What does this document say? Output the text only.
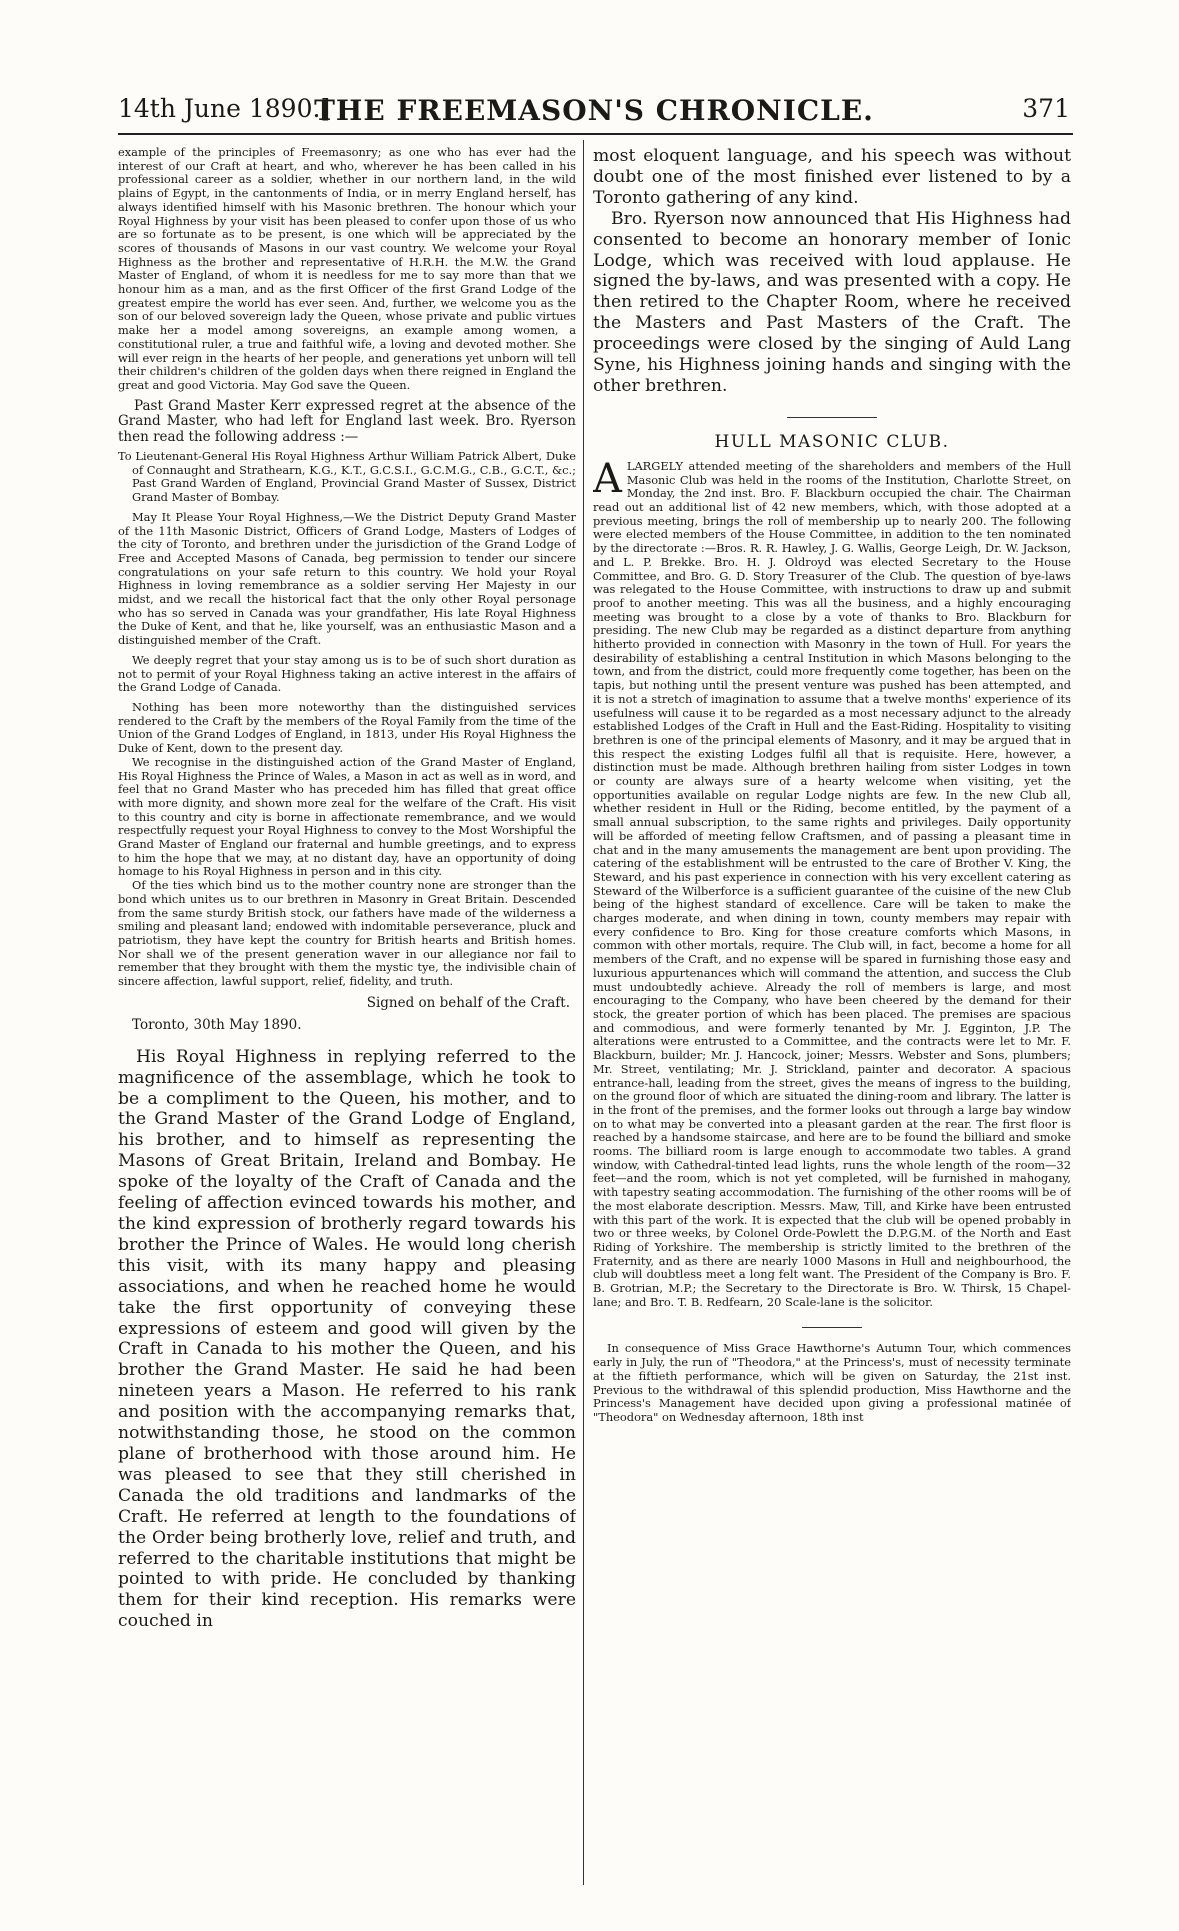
14th June 1890.]
THE FREEMASON'S CHRONICLE.	371

example of the principles of Freemasonry; as one who has ever had the interest of our Craft at heart, and who, wherever he has been called in his professional career as a soldier, whether in our northern land, in the wild plains of Egypt, in the cantonments of India, or in merry England herself, has always identified himself with his Masonic brethren. The honour which your Royal Highness by your visit has been pleased to confer upon those of us who are so fortunate as to be present, is one which will be appreciated by the scores of thousands of Masons in our vast country. We welcome your Royal Highness as the brother and representative of H.R.H. the M.W. the Grand Master of England, of whom it is needless for me to say more than that we honour him as a man, and as the first Officer of the first Grand Lodge of the greatest empire the world has ever seen. And, further, we welcome you as the son of our beloved sovereign lady the Queen, whose private and public virtues make her a model among sovereigns, an example among women, a constitutional ruler, a true and faithful wife, a loving and devoted mother. She will ever reign in the hearts of her people, and generations yet unborn will tell their children's children of the golden days when there reigned in England the great and good Victoria. May God save the Queen.

Past Grand Master Kerr expressed regret at the absence of the Grand Master, who had left for England last week. Bro. Ryerson then read the following address :—

To Lieutenant-General His Royal Highness Arthur William Patrick Albert, Duke of Connaught and Strathearn, K.G., K.T., G.C.S.I., G.C.M.G., C.B., G.C.T., &c.; Past Grand Warden of England, Provincial Grand Master of Sussex, District Grand Master of Bombay.

May It Please Your Royal Highness,—We the District Deputy Grand Master of the 11th Masonic District, Officers of Grand Lodge, Masters of Lodges of the city of Toronto, and brethren under the jurisdiction of the Grand Lodge of Free and Accepted Masons of Canada, beg permission to tender our sincere congratulations on your safe return to this country. We hold your Royal Highness in loving remembrance as a soldier serving Her Majesty in our midst, and we recall the historical fact that the only other Royal personage who has so served in Canada was your grandfather, His late Royal Highness the Duke of Kent, and that he, like yourself, was an enthusiastic Mason and a distinguished member of the Craft.

We deeply regret that your stay among us is to be of such short duration as not to permit of your Royal Highness taking an active interest in the affairs of the Grand Lodge of Canada.

Nothing has been more noteworthy than the distinguished services rendered to the Craft by the members of the Royal Family from the time of the Union of the Grand Lodges of England, in 1813, under His Royal Highness the Duke of Kent, down to the present day.

We recognise in the distinguished action of the Grand Master of England, His Royal Highness the Prince of Wales, a Mason in act as well as in word, and feel that no Grand Master who has preceded him has filled that great office with more dignity, and shown more zeal for the welfare of the Craft. His visit to this country and city is borne in affectionate remembrance, and we would respectfully request your Royal Highness to convey to the Most Worshipful the Grand Master of England our fraternal and humble greetings, and to express to him the hope that we may, at no distant day, have an opportunity of doing homage to his Royal Highness in person and in this city.

Of the ties which bind us to the mother country none are stronger than the bond which unites us to our brethren in Masonry in Great Britain. Descended from the same sturdy British stock, our fathers have made of the wilderness a smiling and pleasant land; endowed with indomitable perseverance, pluck and patriotism, they have kept the country for British hearts and British homes. Nor shall we of the present generation waver in our allegiance nor fail to remember that they brought with them the mystic tye, the indivisible chain of sincere affection, lawful support, relief, fidelity, and truth.

Signed on behalf of the Craft.
Toronto, 30th May 1890.

His Royal Highness in replying referred to the magnificence of the assemblage, which he took to be a compliment to the Queen, his mother, and to the Grand Master of the Grand Lodge of England, his brother, and to himself as representing the Masons of Great Britain, Ireland and Bombay. He spoke of the loyalty of the Craft of Canada and the feeling of affection evinced towards his mother, and the kind expression of brotherly regard towards his brother the Prince of Wales. He would long cherish this visit, with its many happy and pleasing associations, and when he reached home he would take the first opportunity of conveying these expressions of esteem and good will given by the Craft in Canada to his mother the Queen, and his brother the Grand Master. He said he had been nineteen years a Mason. He referred to his rank and position with the accompanying remarks that, notwithstanding those, he stood on the common plane of brotherhood with those around him. He was pleased to see that they still cherished in Canada the old traditions and landmarks of the Craft. He referred at length to the foundations of the Order being brotherly love, relief and truth, and referred to the charitable institutions that might be pointed to with pride. He concluded by thanking them for their kind reception. His remarks were couched in

most eloquent language, and his speech was without doubt one of the most finished ever listened to by a Toronto gathering of any kind.

Bro. Ryerson now announced that His Highness had consented to become an honorary member of Ionic Lodge, which was received with loud applause. He signed the by-laws, and was presented with a copy. He then retired to the Chapter Room, where he received the Masters and Past Masters of the Craft. The proceedings were closed by the singing of Auld Lang Syne, his Highness joining hands and singing with the other brethren.

HULL MASONIC CLUB.

ALARGELY attended meeting of the shareholders and members of the Hull Masonic Club was held in the rooms of the Institution, Charlotte Street, on Monday, the 2nd inst. Bro. F. Blackburn occupied the chair. The Chairman read out an additional list of 42 new members, which, with those adopted at a previous meeting, brings the roll of membership up to nearly 200. The following were elected members of the House Committee, in addition to the ten nominated by the directorate :—Bros. R. R. Hawley, J. G. Wallis, George Leigh, Dr. W. Jackson, and L. P. Brekke. Bro. H. J. Oldroyd was elected Secretary to the House Committee, and Bro. G. D. Story Treasurer of the Club. The question of bye-laws was relegated to the House Committee, with instructions to draw up and submit proof to another meeting. This was all the business, and a highly encouraging meeting was brought to a close by a vote of thanks to Bro. Blackburn for presiding. The new Club may be regarded as a distinct departure from anything hitherto provided in connection with Masonry in the town of Hull. For years the desirability of establishing a central Institution in which Masons belonging to the town, and from the district, could more frequently come together, has been on the tapis, but nothing until the present venture was pushed has been attempted, and it is not a stretch of imagination to assume that a twelve months' experience of its usefulness will cause it to be regarded as a most necessary adjunct to the already established Lodges of the Craft in Hull and the East-Riding. Hospitality to visiting brethren is one of the principal elements of Masonry, and it may be argued that in this respect the existing Lodges fulfil all that is requisite. Here, however, a distinction must be made. Although brethren hailing from sister Lodges in town or county are always sure of a hearty welcome when visiting, yet the opportunities available on regular Lodge nights are few. In the new Club all, whether resident in Hull or the Riding, become entitled, by the payment of a small annual subscription, to the same rights and privileges. Daily opportunity will be afforded of meeting fellow Craftsmen, and of passing a pleasant time in chat and in the many amusements the management are bent upon providing. The catering of the establishment will be entrusted to the care of Brother V. King, the Steward, and his past experience in connection with his very excellent catering as Steward of the Wilberforce is a sufficient guarantee of the cuisine of the new Club being of the highest standard of excellence. Care will be taken to make the charges moderate, and when dining in town, county members may repair with every confidence to Bro. King for those creature comforts which Masons, in common with other mortals, require. The Club will, in fact, become a home for all members of the Craft, and no expense will be spared in furnishing those easy and luxurious appurtenances which will command the attention, and success the Club must undoubtedly achieve. Already the roll of members is large, and most encouraging to the Company, who have been cheered by the demand for their stock, the greater portion of which has been placed. The premises are spacious and commodious, and were formerly tenanted by Mr. J. Egginton, J.P. The alterations were entrusted to a Committee, and the contracts were let to Mr. F. Blackburn, builder; Mr. J. Hancock, joiner; Messrs. Webster and Sons, plumbers; Mr. Street, ventilating; Mr. J. Strickland, painter and decorator. A spacious entrance-hall, leading from the street, gives the means of ingress to the building, on the ground floor of which are situated the dining-room and library. The latter is in the front of the premises, and the former looks out through a large bay window on to what may be converted into a pleasant garden at the rear. The first floor is reached by a handsome staircase, and here are to be found the billiard and smoke rooms. The billiard room is large enough to accommodate two tables. A grand window, with Cathedral-tinted lead lights, runs the whole length of the room—32 feet—and the room, which is not yet completed, will be furnished in mahogany, with tapestry seating accommodation. The furnishing of the other rooms will be of the most elaborate description. Messrs. Maw, Till, and Kirke have been entrusted with this part of the work. It is expected that the club will be opened probably in two or three weeks, by Colonel Orde-Powlett the D.P.G.M. of the North and East Riding of Yorkshire. The membership is strictly limited to the brethren of the Fraternity, and as there are nearly 1000 Masons in Hull and neighbourhood, the club will doubtless meet a long felt want. The President of the Company is Bro. F. B. Grotrian, M.P.; the Secretary to the Directorate is Bro. W. Thirsk, 15 Chapel-lane; and Bro. T. B. Redfearn, 20 Scale-lane is the solicitor.

In consequence of Miss Grace Hawthorne's Autumn Tour, which commences early in July, the run of "Theodora," at the Princess's, must of necessity terminate at the fiftieth performance, which will be given on Saturday, the 21st inst. Previous to the withdrawal of this splendid production, Miss Hawthorne and the Princess's Management have decided upon giving a professional matinée of "Theodora" on Wednesday afternoon, 18th inst
